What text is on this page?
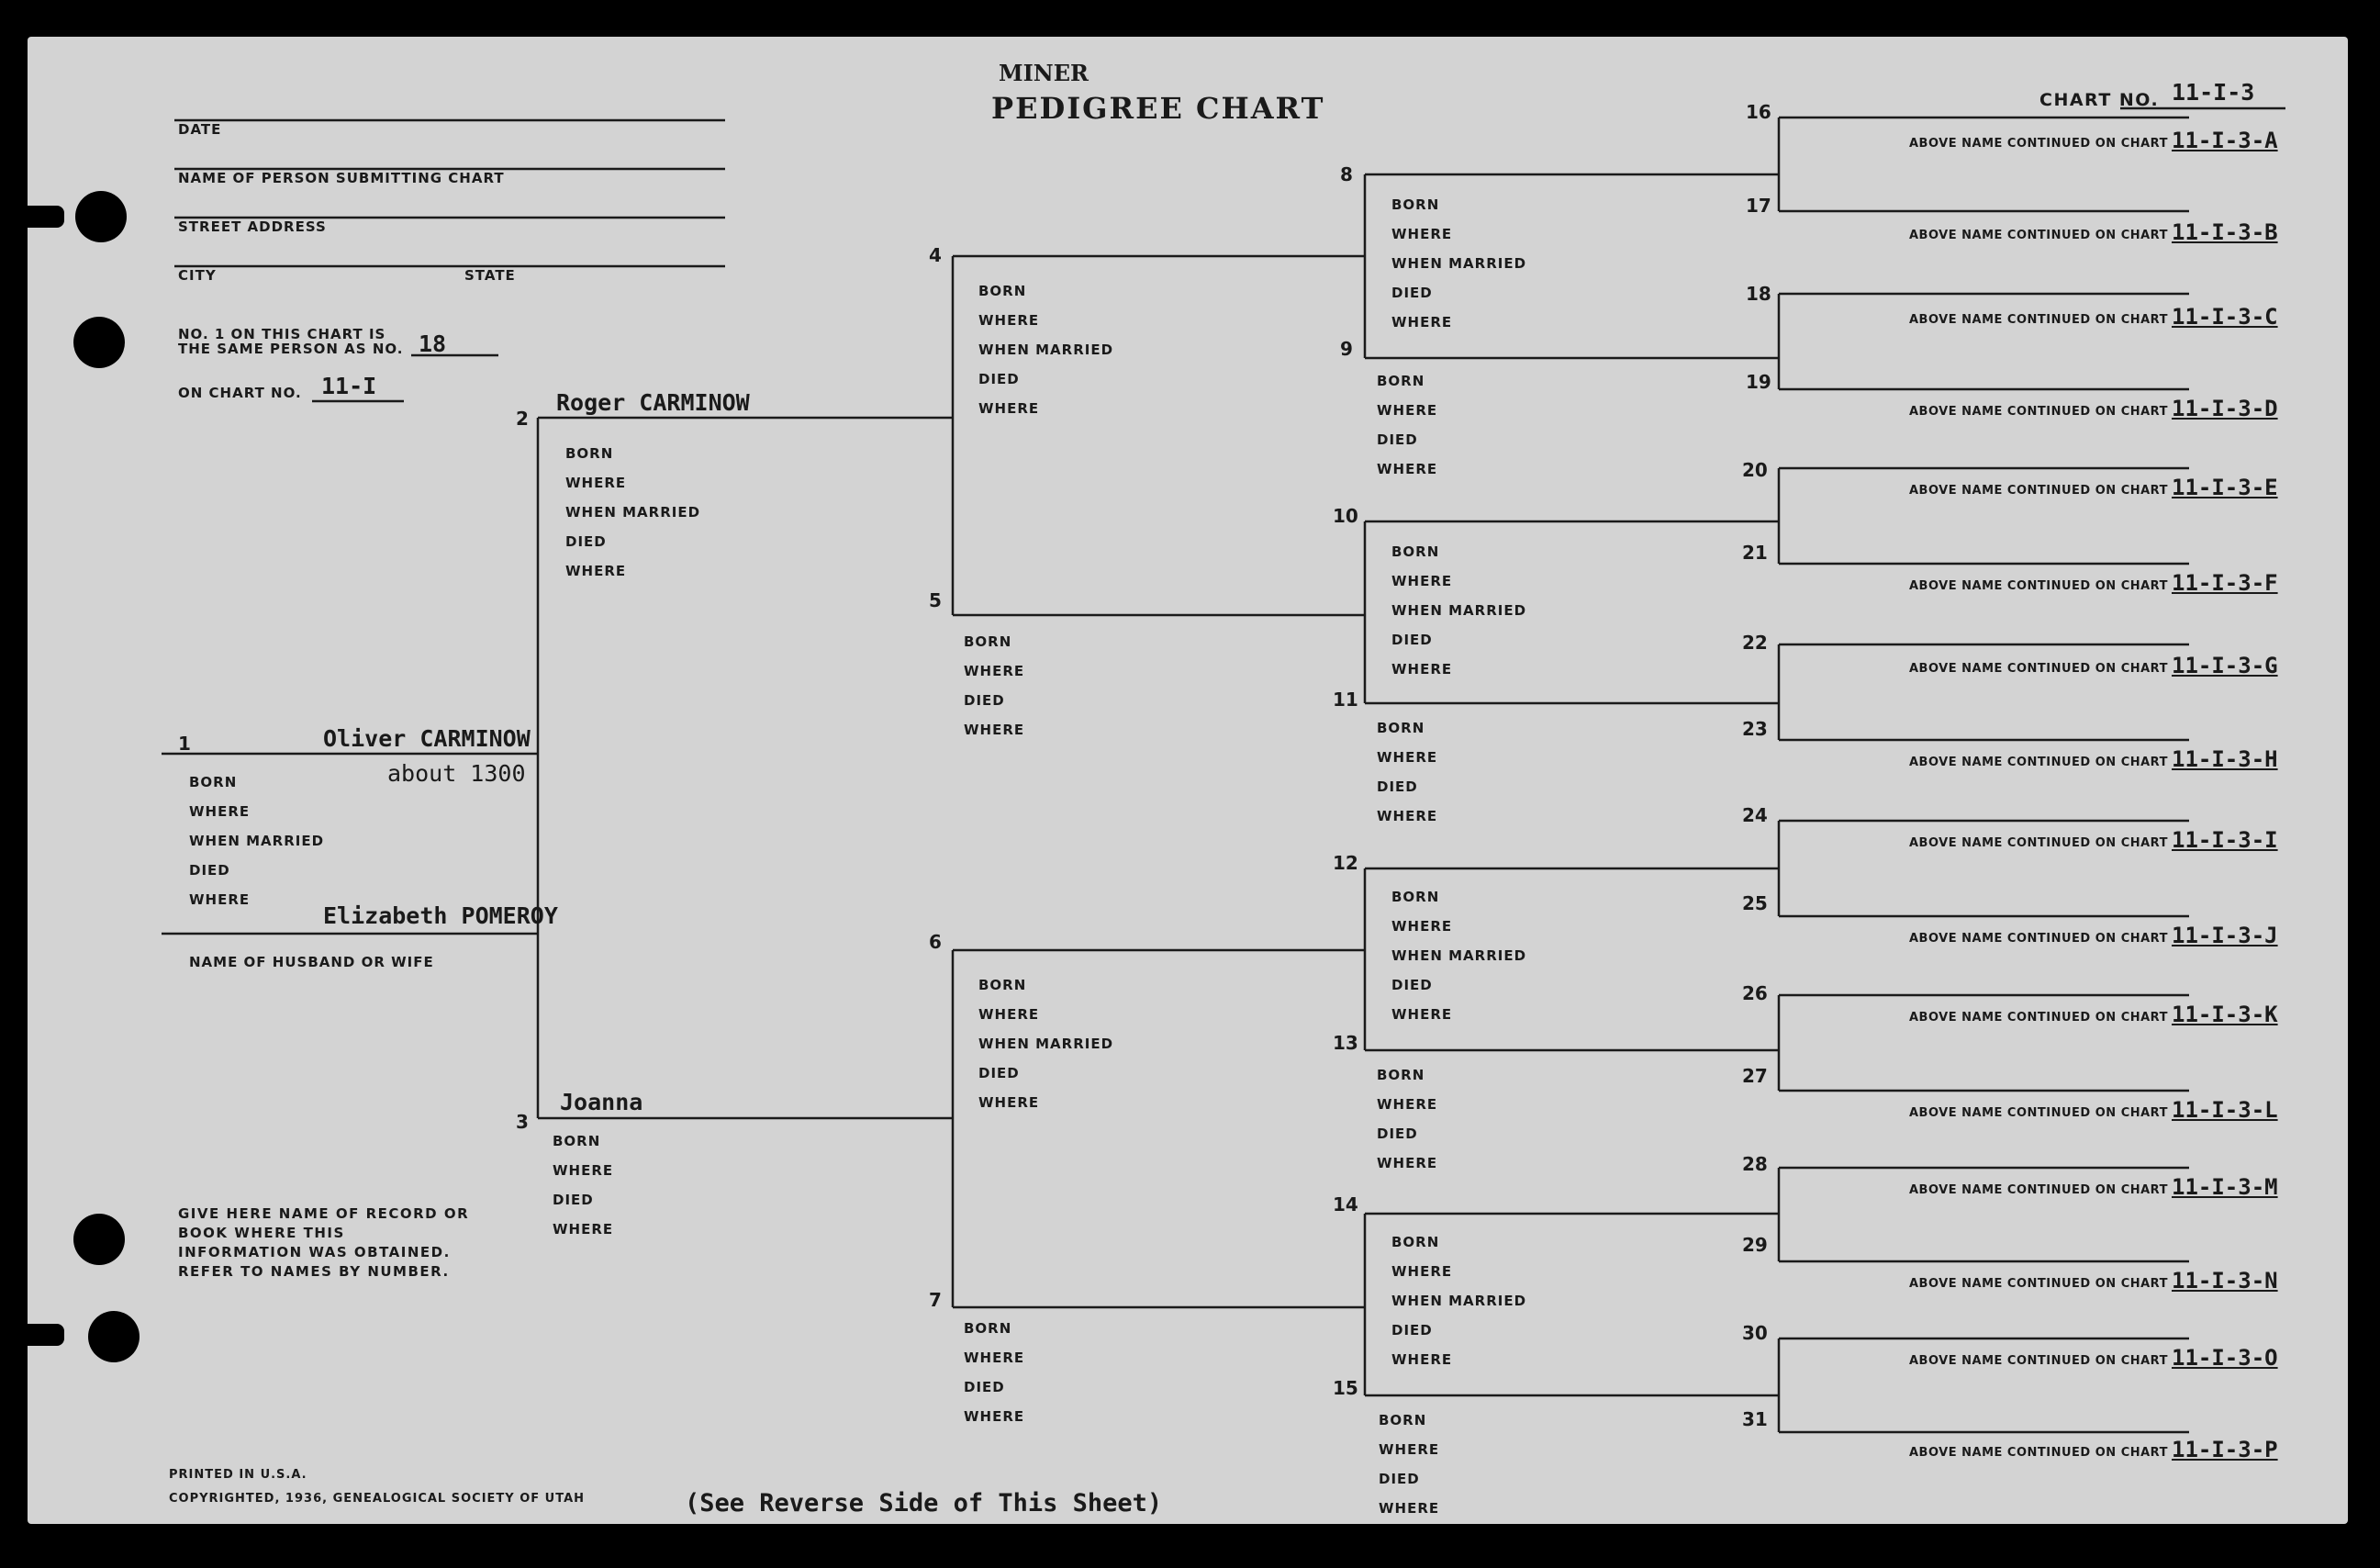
MINER
PEDIGREE CHART	CHART NO. 11-I-3
DATE
NAME OF PERSON SUBMITTING CHART
STREET ADDRESS
CITY	STATE
NO. 1 ON THIS CHART IS
THE SAME PERSON AS NO. 18
ON CHART NO. 11-I
1	Oliver CARMINOW
BORN	about 1300
WHERE
WHEN MARRIED
DIED
WHERE
Elizabeth POMEROY
NAME OF HUSBAND OR WIFE
2
Roger CARMINOW
BORN
WHERE
WHEN MARRIED
DIED
WHERE
3
Joanna
BORN
WHERE
DIED
WHERE
4
BORN
WHERE
WHEN MARRIED
DIED
WHERE
5
BORN
WHERE
DIED
WHERE
6
BORN
WHERE
WHEN MARRIED
DIED
WHERE
7
BORN
WHERE
DIED
WHERE
8
BORN
WHERE
WHEN MARRIED
DIED
WHERE
9
BORN
WHERE
DIED
WHERE
10
BORN
WHERE
WHEN MARRIED
DIED
WHERE
11
BORN
WHERE
DIED
WHERE
12
BORN
WHERE
WHEN MARRIED
DIED
WHERE
13
BORN
WHERE
DIED
WHERE
14
BORN
WHERE
WHEN MARRIED
DIED
WHERE
15
BORN
WHERE
DIED
WHERE
16
17
18
19
20
21
22
23
24
25
26
27
28
29
30
31
ABOVE NAME CONTINUED ON CHART 11-I-3-A
ABOVE NAME CONTINUED ON CHART 11-I-3-B
ABOVE NAME CONTINUED ON CHART 11-I-3-C
ABOVE NAME CONTINUED ON CHART 11-I-3-D
ABOVE NAME CONTINUED ON CHART 11-I-3-E
ABOVE NAME CONTINUED ON CHART 11-I-3-F
ABOVE NAME CONTINUED ON CHART 11-I-3-G
ABOVE NAME CONTINUED ON CHART 11-I-3-H
ABOVE NAME CONTINUED ON CHART 11-I-3-I
ABOVE NAME CONTINUED ON CHART 11-I-3-J
ABOVE NAME CONTINUED ON CHART 11-I-3-K
ABOVE NAME CONTINUED ON CHART 11-I-3-L
ABOVE NAME CONTINUED ON CHART 11-I-3-M
ABOVE NAME CONTINUED ON CHART 11-I-3-N
ABOVE NAME CONTINUED ON CHART 11-I-3-O
ABOVE NAME CONTINUED ON CHART 11-I-3-P
GIVE HERE NAME OF RECORD OR BOOK WHERE THIS INFORMATION WAS OBTAINED. REFER TO NAMES BY NUMBER.
PRINTED IN U.S.A.
COPYRIGHTED, 1936, GENEALOGICAL SOCIETY OF UTAH	(See Reverse Side of This Sheet)
